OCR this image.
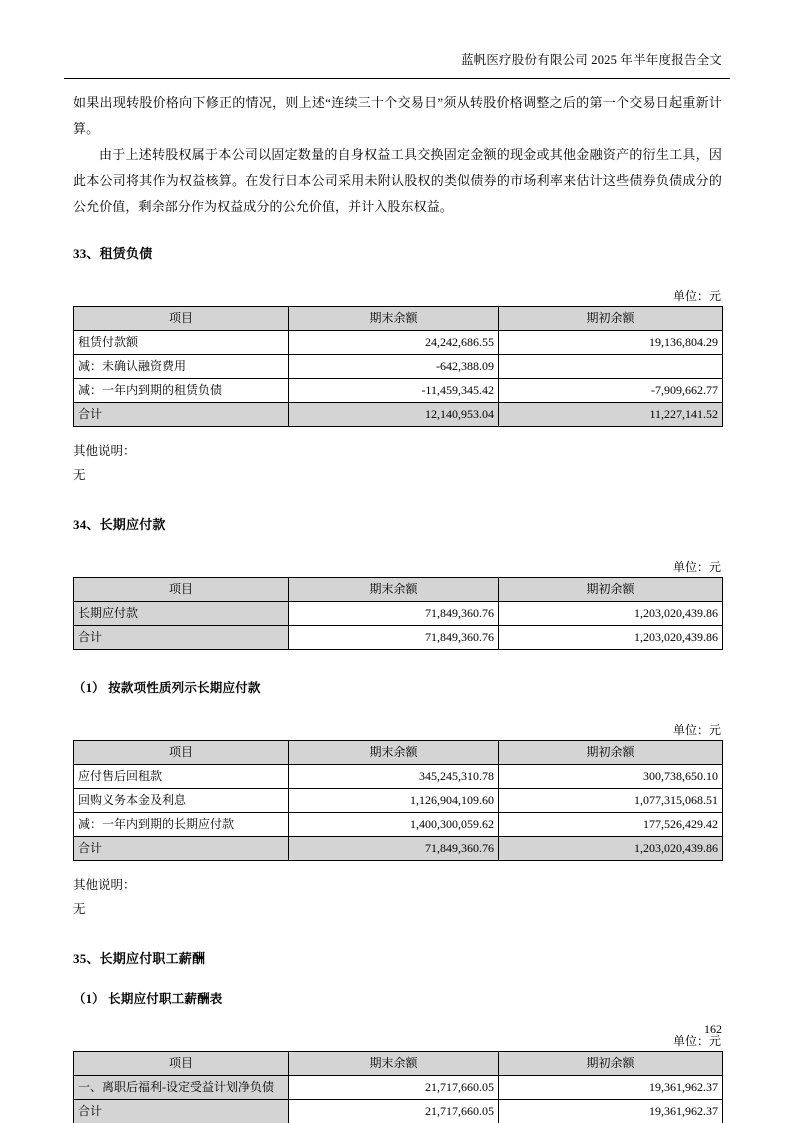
蓝帆医疗股份有限公司 2025 年半年度报告全文

如果出现转股价格向下修正的情况，则上述“连续三十个交易日”须从转股价格调整之后的第一个交易日起重新计算。

由于上述转股权属于本公司以固定数量的自身权益工具交换固定金额的现金或其他金融资产的衍生工具，因此本公司将其作为权益核算。在发行日本公司采用未附认股权的类似债券的市场利率来估计这些债券负债成分的公允价值，剩余部分作为权益成分的公允价值，并计入股东权益。

33、租赁负债
单位：元
项目	期末余额	期初余额
租赁付款额	24,242,686.55	19,136,804.29
减：未确认融资费用	-642,388.09	
减：一年内到期的租赁负债	-11,459,345.42	-7,909,662.77
合计	12,140,953.04	11,227,141.52

其他说明：

无

34、长期应付款
单位：元
项目	期末余额	期初余额
长期应付款	71,849,360.76	1,203,020,439.86
合计	71,849,360.76	1,203,020,439.86
（1） 按款项性质列示长期应付款
单位：元
项目	期末余额	期初余额
应付售后回租款	345,245,310.78	300,738,650.10
回购义务本金及利息	1,126,904,109.60	1,077,315,068.51
减：一年内到期的长期应付款	1,400,300,059.62	177,526,429.42
合计	71,849,360.76	1,203,020,439.86

其他说明：

无

35、长期应付职工薪酬
（1） 长期应付职工薪酬表
单位：元
项目	期末余额	期初余额
一、离职后福利-设定受益计划净负债	21,717,660.05	19,361,962.37
合计	21,717,660.05	19,361,962.37
162
